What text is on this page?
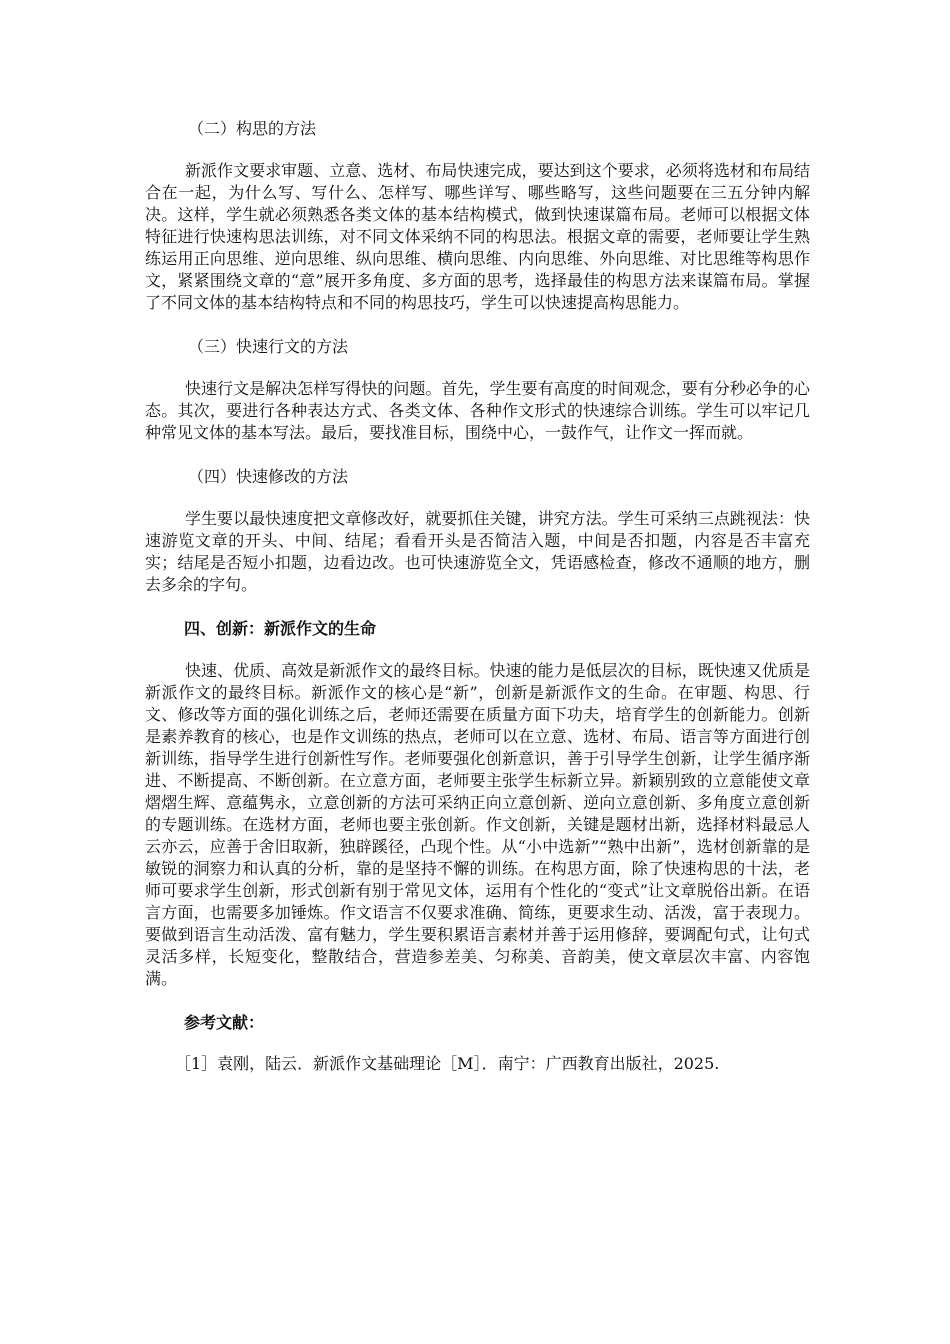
（二）构思的方法

新派作文要求审题、立意、选材、布局快速完成，要达到这个要求，必须将选材和布局结合在一起，为什么写、写什么、怎样写、哪些详写、哪些略写，这些问题要在三五分钟内解决。这样，学生就必须熟悉各类文体的基本结构模式，做到快速谋篇布局。老师可以根据文体特征进行快速构思法训练，对不同文体采纳不同的构思法。根据文章的需要，老师要让学生熟练运用正向思维、逆向思维、纵向思维、横向思维、内向思维、外向思维、对比思维等构思作文，紧紧围绕文章的“意”展开多角度、多方面的思考，选择最佳的构思方法来谋篇布局。掌握了不同文体的基本结构特点和不同的构思技巧，学生可以快速提高构思能力。

（三）快速行文的方法

快速行文是解决怎样写得快的问题。首先，学生要有高度的时间观念，要有分秒必争的心态。其次，要进行各种表达方式、各类文体、各种作文形式的快速综合训练。学生可以牢记几种常见文体的基本写法。最后，要找准目标，围绕中心，一鼓作气，让作文一挥而就。

（四）快速修改的方法

学生要以最快速度把文章修改好，就要抓住关键，讲究方法。学生可采纳三点跳视法：快速游览文章的开头、中间、结尾；看看开头是否简洁入题，中间是否扣题，内容是否丰富充实；结尾是否短小扣题，边看边改。也可快速游览全文，凭语感检查，修改不通顺的地方，删去多余的字句。

四、创新：新派作文的生命

快速、优质、高效是新派作文的最终目标。快速的能力是低层次的目标，既快速又优质是新派作文的最终目标。新派作文的核心是“新”，创新是新派作文的生命。在审题、构思、行文、修改等方面的强化训练之后，老师还需要在质量方面下功夫，培育学生的创新能力。创新是素养教育的核心，也是作文训练的热点，老师可以在立意、选材、布局、语言等方面进行创新训练，指导学生进行创新性写作。老师要强化创新意识，善于引导学生创新，让学生循序渐进、不断提高、不断创新。在立意方面，老师要主张学生标新立异。新颖别致的立意能使文章熠熠生辉、意蕴隽永，立意创新的方法可采纳正向立意创新、逆向立意创新、多角度立意创新的专题训练。在选材方面，老师也要主张创新。作文创新，关键是题材出新，选择材料最忌人云亦云，应善于舍旧取新，独辟蹊径，凸现个性。从“小中选新”“熟中出新”，选材创新靠的是敏锐的洞察力和认真的分析，靠的是坚持不懈的训练。在构思方面，除了快速构思的十法，老师可要求学生创新，形式创新有别于常见文体，运用有个性化的“变式”让文章脱俗出新。在语言方面，也需要多加锤炼。作文语言不仅要求准确、简练，更要求生动、活泼，富于表现力。要做到语言生动活泼、富有魅力，学生要积累语言素材并善于运用修辞，要调配句式，让句式灵活多样，长短变化，整散结合，营造参差美、匀称美、音韵美，使文章层次丰富、内容饱满。

参考文献：

［1］袁刚，陆云．新派作文基础理论［M］．南宁：广西教育出版社，2025.
